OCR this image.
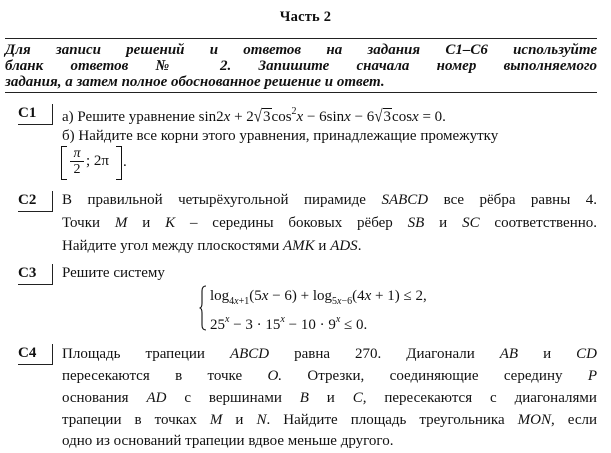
Часть 2
Для записи решений и ответов на задания С1–С6 используйте
бланк ответов № 2. Запишите сначала номер выполняемого
задания, а затем полное обоснованное решение и ответ.
С1	а) Решите уравнение $\sin 2x + 2√3\cos^2x - 6\sin x - 6√3\cos x = 0$.
б) Найдите все корни этого уравнения, принадлежащие промежутку
$\frac{\pi}{2}$ ; 2π .
С2	В правильной четырёхугольной пирамиде SABCD все рёбра равны 4.
Точки M и K – середины боковых рёбер SB и SC соответственно.
Найдите угол между плоскостями AMK и ADS.
С3	Решите систему
$\log_{4x+1}(5x - 6) + \log_{5x-6}(4x + 1) \le 2$,
$25^x - 3 \cdot 15^x - 10 \cdot 9^x \le 0$.
С4	Площадь трапеции ABCD равна 270. Диагонали AB и CD
пересекаются в точке O. Отрезки, соединяющие середину P
основания AD с вершинами B и C, пересекаются с диагоналями
трапеции в точках M и N. Найдите площадь треугольника MON, если
одно из оснований трапеции вдвое меньше другого.
